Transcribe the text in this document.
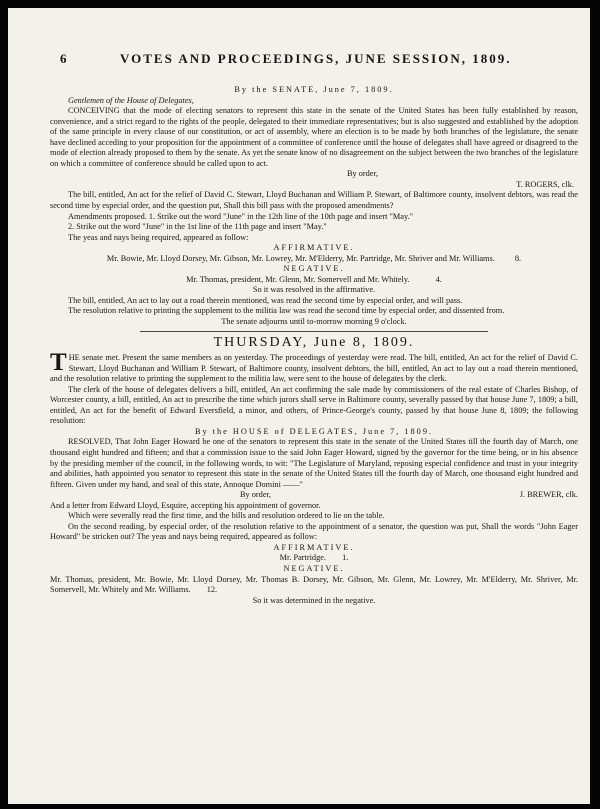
6	VOTES AND PROCEEDINGS, JUNE SESSION, 1809.

By the SENATE, June 7, 1809.

Gentlemen of the House of Delegates,

CONCEIVING that the mode of electing senators to represent this state in the senate of the United States has been fully established by reason, convenience, and a strict regard to the rights of the people, delegated to their immediate representatives; but is also suggested and established by the adoption of the same principle in every clause of our constitution, or act of assembly, where an election is to be made by both branches of the legislature, the senate have declined acceding to your proposition for the appointment of a committee of conference until the house of delegates shall have agreed or disagreed to the mode of election already proposed to them by the senate. As yet the senate know of no disagreement on the subject between the two branches of the legislature on which a committee of conference should be called upon to act.

By order,

T. ROGERS, clk.

The bill, entitled, An act for the relief of David C. Stewart, Lloyd Buchanan and William P. Stewart, of Baltimore county, insolvent debtors, was read the second time by especial order, and the question put, Shall this bill pass with the proposed amendments?

Amendments proposed. 1. Strike out the word "June" in the 12th line of the 10th page and insert "May."

2. Strike out the word "June" in the 1st line of the 11th page and insert "May."

The yeas and nays being required, appeared as follow:

AFFIRMATIVE.

Mr. Bowie, Mr. Lloyd Dorsey, Mr. Gibson, Mr. Lowrey, Mr. M'Elderry, Mr. Partridge, Mr. Shriver and Mr. Williams. 8.

NEGATIVE.

Mr. Thomas, president, Mr. Glenn, Mr. Somervell and Mr. Whitely.	4.

So it was resolved in the affirmative.

The bill, entitled, An act to lay out a road therein mentioned, was read the second time by especial order, and will pass.

The resolution relative to printing the supplement to the militia law was read the second time by especial order, and dissented from.

The senate adjourns until to-morrow morning 9 o'clock.

THURSDAY, June 8, 1809.

THE senate met. Present the same members as on yesterday. The proceedings of yesterday were read. The bill, entitled, An act for the relief of David C. Stewart, Lloyd Buchanan and William P. Stewart, of Baltimore county, insolvent debtors, the bill, entitled, An act to lay out a road therein mentioned, and the resolution relative to printing the supplement to the militia law, were sent to the house of delegates by the clerk.

The clerk of the house of delegates delivers a bill, entitled, An act confirming the sale made by commissioners of the real estate of Charles Bishop, of Worcester county, a bill, entitled, An act to prescribe the time which jurors shall serve in Baltimore county, severally passed by that house June 7, 1809; a bill, entitled, An act for the benefit of Edward Eversfield, a minor, and others, of Prince-George's county, passed by that house June 8, 1809; the following resolution:

By the HOUSE of DELEGATES, June 7, 1809.

RESOLVED, That John Eager Howard be one of the senators to represent this state in the senate of the United States till the fourth day of March, one thousand eight hundred and fifteen; and that a commission issue to the said John Eager Howard, signed by the governor for the time being, or in his absence by the presiding member of the council, in the following words, to wit: "The Legislature of Maryland, reposing especial confidence and trust in your integrity and abilities, hath appointed you senator to represent this state in the senate of the United States till the fourth day of March, one thousand eight hundred and fifteen. Given under my hand, and seal of this state, Annoque Domini ——"

By order,	J. BREWER, clk.

And a letter from Edward Lloyd, Esquire, accepting his appointment of governor.

Which were severally read the first time, and the bills and resolution ordered to lie on the table.

On the second reading, by especial order, of the resolution relative to the appointment of a senator, the question was put, Shall the words "John Eager Howard" be stricken out? The yeas and nays being required, appeared as follow:

AFFIRMATIVE.

Mr. Partridge. 1.

NEGATIVE.

Mr. Thomas, president, Mr. Bowie, Mr. Lloyd Dorsey, Mr. Thomas B. Dorsey, Mr. Gibson, Mr. Glenn, Mr. Lowrey, Mr. M'Elderry, Mr. Shriver, Mr. Somervell, Mr. Whitely and Mr. Williams. 12.

So it was determined in the negative.
